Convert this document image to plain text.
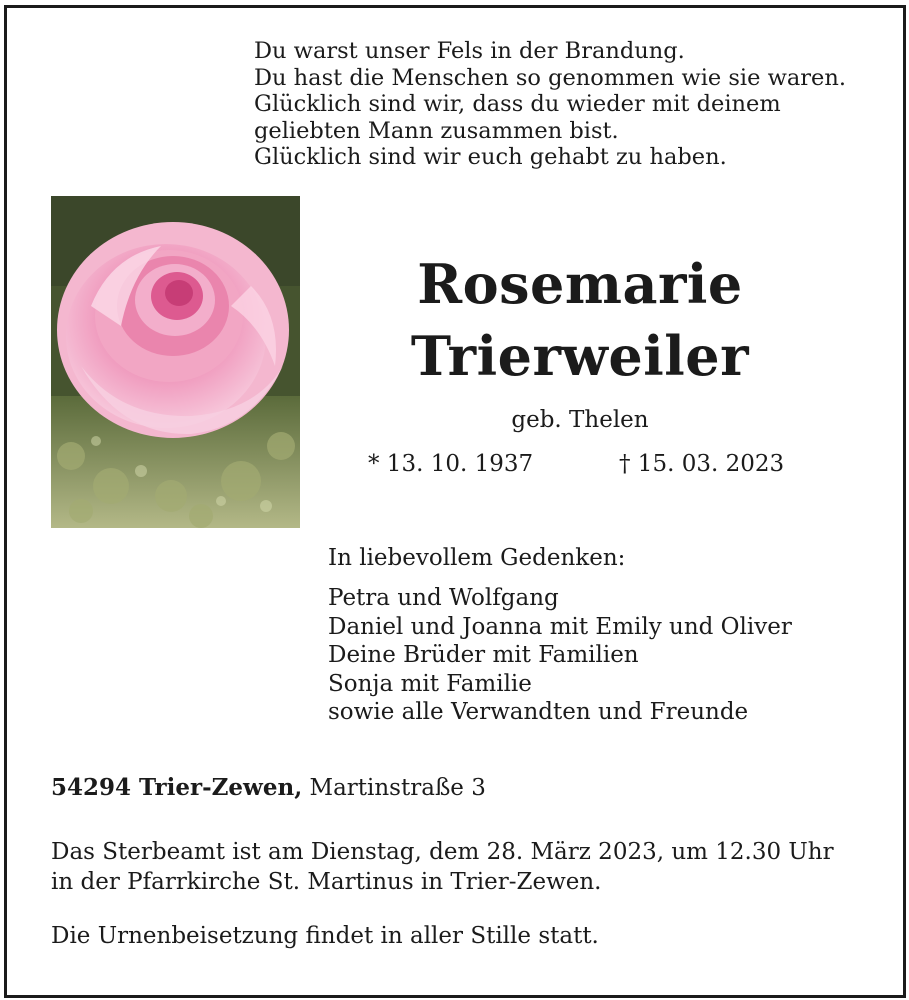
Du warst unser Fels in der Brandung.
Du hast die Menschen so genommen wie sie waren.
Glücklich sind wir, dass du wieder mit deinem
geliebten Mann zusammen bist.
Glücklich sind wir euch gehabt zu haben.
Rosemarie
Trierweiler
geb. Thelen
* 13. 10. 1937	† 15. 03. 2023
In liebevollem Gedenken:
Petra und Wolfgang
Daniel und Joanna mit Emily und Oliver
Deine Brüder mit Familien
Sonja mit Familie
sowie alle Verwandten und Freunde
54294 Trier-Zewen, Martinstraße 3
Das Sterbeamt ist am Dienstag, dem 28. März 2023, um 12.30 Uhr
in der Pfarrkirche St. Martinus in Trier-Zewen.
Die Urnenbeisetzung findet in aller Stille statt.
